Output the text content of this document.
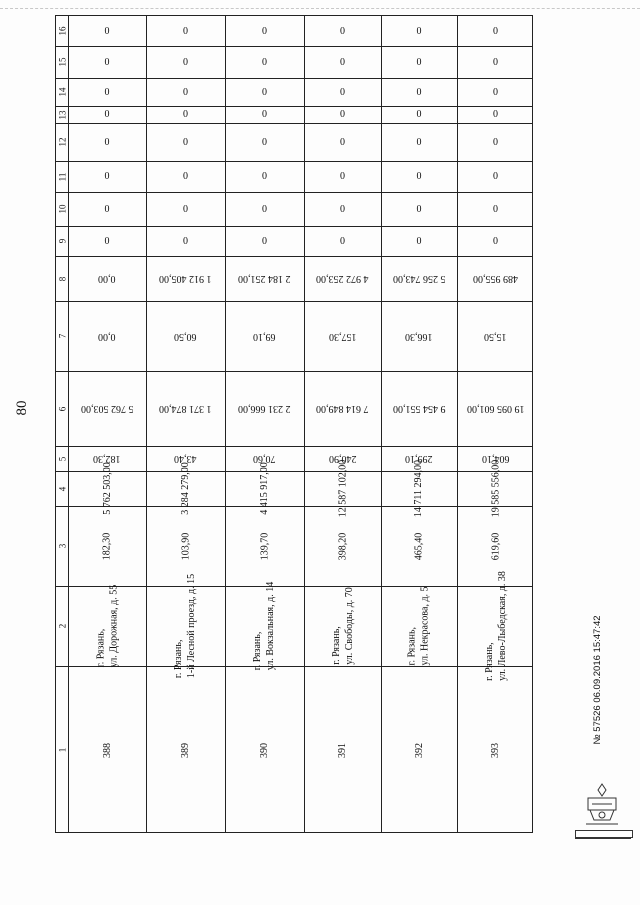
80
16
15
14
13
12
11
10
9
8
7
6
5
4
3
2
1
0
0
0
0
0
0
0
0
0,00
0,00
5 762 503,00
182,30
5 762 503,00
182,30
г. Рязань, ул. Дорожная, д. 55
388
0
0
0
0
0
0
0
0
1 912 405,00
60,50
1 371 874,00
43,40
3 284 279,00
103,90
г. Рязань, 1-й Лесной проезд, д. 15
389
0
0
0
0
0
0
0
0
2 184 251,00
69,10
2 231 666,00
70,60
4 415 917,00
139,70
г. Рязань, ул. Вокзальная, д. 14
390
0
0
0
0
0
0
0
0
4 972 253,00
157,30
7 614 849,00
240,90
12 587 102,00
398,20
г. Рязань, ул. Свободы, д. 70
391
0
0
0
0
0
0
0
0
5 256 743,00
166,30
9 454 551,00
299,10
14 711 294,00
465,40
г. Рязань, ул. Некрасова, д. 5
392
0
0
0
0
0
0
0
0
489 955,00
15,50
19 095 601,00
604,10
19 585 556,00
619,60
г. Рязань, ул. Лево-Лыбедская, д. 38
393
№ 57526 06.09.2016 15:47:42
